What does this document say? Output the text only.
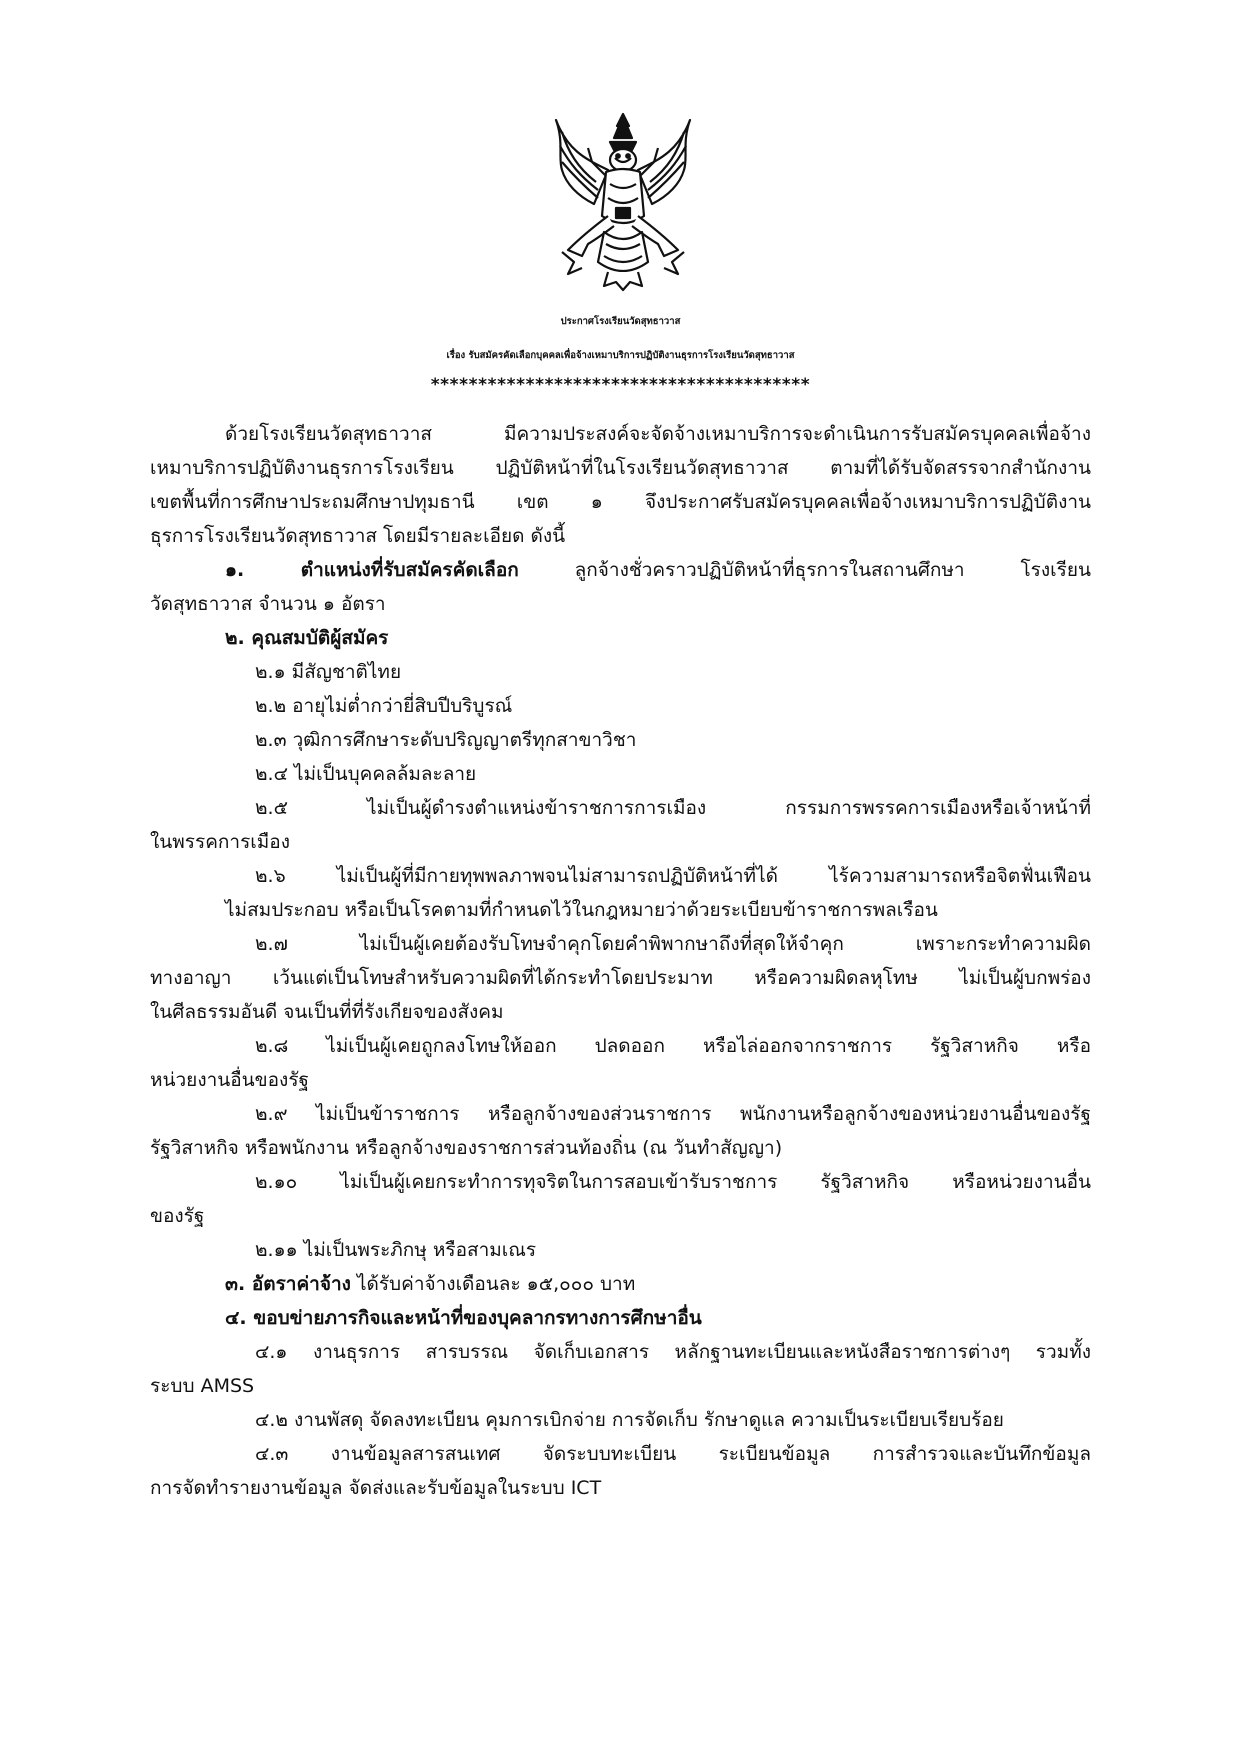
ประกาศโรงเรียนวัดสุทธาวาส
เรื่อง รับสมัครคัดเลือกบุคคลเพื่อจ้างเหมาบริการปฏิบัติงานธุรการโรงเรียนวัดสุทธาวาส
****************************************

ด้วยโรงเรียนวัดสุทธาวาส มีความประสงค์จะจัดจ้างเหมาบริการจะดำเนินการรับสมัครบุคคลเพื่อจ้าง

เหมาบริการปฏิบัติงานธุรการโรงเรียน ปฏิบัติหน้าที่ในโรงเรียนวัดสุทธาวาส ตามที่ได้รับจัดสรรจากสำนักงาน

เขตพื้นที่การศึกษาประถมศึกษาปทุมธานี เขต ๑ จึงประกาศรับสมัครบุคคลเพื่อจ้างเหมาบริการปฏิบัติงาน

ธุรการโรงเรียนวัดสุทธาวาส โดยมีรายละเอียด ดังนี้

๑. ตำแหน่งที่รับสมัครคัดเลือก ลูกจ้างชั่วคราวปฏิบัติหน้าที่ธุรการในสถานศึกษา โรงเรียน

วัดสุทธาวาส จำนวน ๑ อัตรา

๒. คุณสมบัติผู้สมัคร

๒.๑ มีสัญชาติไทย

๒.๒ อายุไม่ต่ำกว่ายี่สิบปีบริบูรณ์

๒.๓ วุฒิการศึกษาระดับปริญญาตรีทุกสาขาวิชา

๒.๔ ไม่เป็นบุคคลล้มละลาย

๒.๕ ไม่เป็นผู้ดำรงตำแหน่งข้าราชการการเมือง กรรมการพรรคการเมืองหรือเจ้าหน้าที่

ในพรรคการเมือง

๒.๖ ไม่เป็นผู้ที่มีกายทุพพลภาพจนไม่สามารถปฏิบัติหน้าที่ได้ ไร้ความสามารถหรือจิตฟั่นเฟือน

ไม่สมประกอบ หรือเป็นโรคตามที่กำหนดไว้ในกฎหมายว่าด้วยระเบียบข้าราชการพลเรือน

๒.๗ ไม่เป็นผู้เคยต้องรับโทษจำคุกโดยคำพิพากษาถึงที่สุดให้จำคุก เพราะกระทำความผิด

ทางอาญา เว้นแต่เป็นโทษสำหรับความผิดที่ได้กระทำโดยประมาท หรือความผิดลหุโทษ ไม่เป็นผู้บกพร่อง

ในศีลธรรมอันดี จนเป็นที่ที่รังเกียจของสังคม

๒.๘ ไม่เป็นผู้เคยถูกลงโทษให้ออก ปลดออก หรือไล่ออกจากราชการ รัฐวิสาหกิจ หรือ

หน่วยงานอื่นของรัฐ

๒.๙ ไม่เป็นข้าราชการ หรือลูกจ้างของส่วนราชการ พนักงานหรือลูกจ้างของหน่วยงานอื่นของรัฐ

รัฐวิสาหกิจ หรือพนักงาน หรือลูกจ้างของราชการส่วนท้องถิ่น (ณ วันทำสัญญา)

๒.๑๐ ไม่เป็นผู้เคยกระทำการทุจริตในการสอบเข้ารับราชการ รัฐวิสาหกิจ หรือหน่วยงานอื่น

ของรัฐ

๒.๑๑ ไม่เป็นพระภิกษุ หรือสามเณร

๓. อัตราค่าจ้าง ได้รับค่าจ้างเดือนละ ๑๕,๐๐๐ บาท

๔. ขอบข่ายภารกิจและหน้าที่ของบุคลากรทางการศึกษาอื่น

๔.๑ งานธุรการ สารบรรณ จัดเก็บเอกสาร หลักฐานทะเบียนและหนังสือราชการต่างๆ รวมทั้ง

ระบบ AMSS

๔.๒ งานพัสดุ จัดลงทะเบียน คุมการเบิกจ่าย การจัดเก็บ รักษาดูแล ความเป็นระเบียบเรียบร้อย

๔.๓ งานข้อมูลสารสนเทศ จัดระบบทะเบียน ระเบียนข้อมูล การสำรวจและบันทึกข้อมูล

การจัดทำรายงานข้อมูล จัดส่งและรับข้อมูลในระบบ ICT
